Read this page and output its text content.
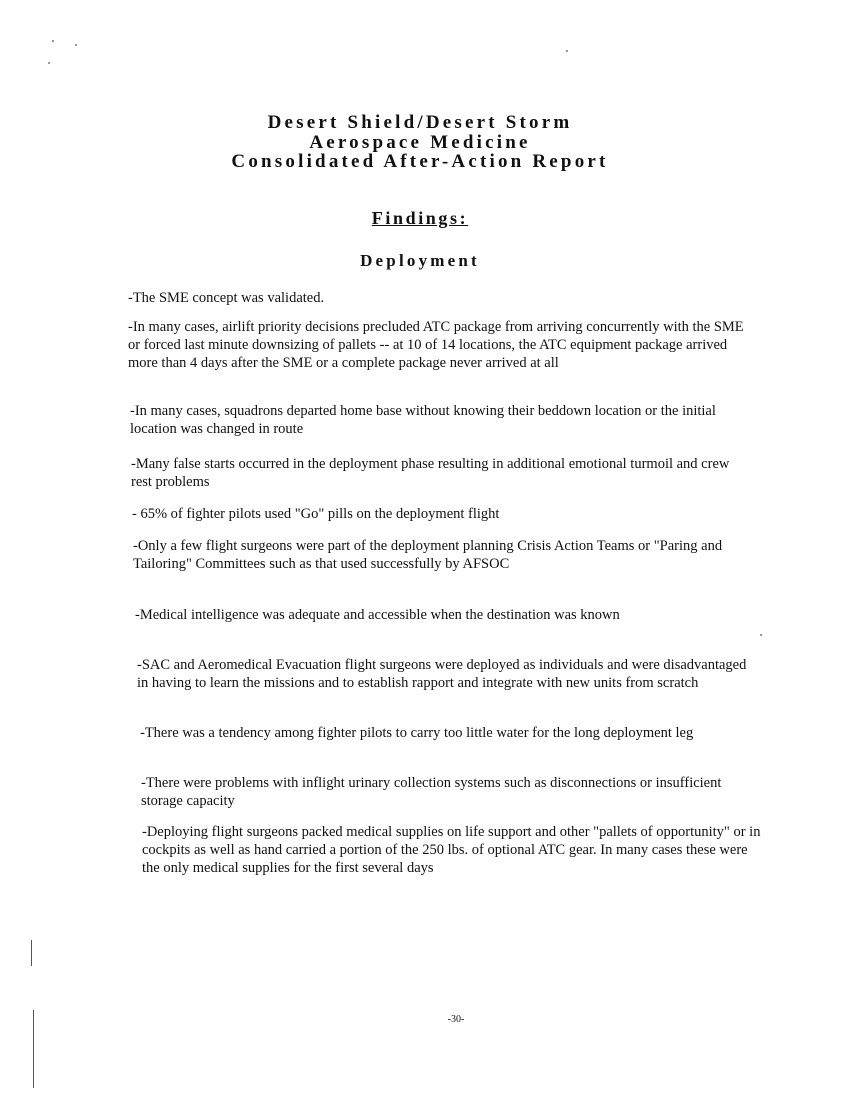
Desert Shield/Desert Storm
Aerospace Medicine
Consolidated After-Action Report
Findings:
Deployment

-The SME concept was validated.

-In many cases, airlift priority decisions precluded ATC package from arriving concurrently with the SME or forced last minute downsizing of pallets -- at 10 of 14 locations, the ATC equipment package arrived more than 4 days after the SME or a complete package never arrived at all

-In many cases, squadrons departed home base without knowing their beddown location or the initial location was changed in route

-Many false starts occurred in the deployment phase resulting in additional emotional turmoil and crew rest problems

- 65% of fighter pilots used "Go" pills on the deployment flight

-Only a few flight surgeons were part of the deployment planning Crisis Action Teams or "Paring and Tailoring" Committees such as that used successfully by AFSOC

-Medical intelligence was adequate and accessible when the destination was known

-SAC and Aeromedical Evacuation flight surgeons were deployed as individuals and were disadvantaged in having to learn the missions and to establish rapport and integrate with new units from scratch

-There was a tendency among fighter pilots to carry too little water for the long deployment leg

-There were problems with inflight urinary collection systems such as disconnections or insufficient storage capacity

-Deploying flight surgeons packed medical supplies on life support and other "pallets of opportunity" or in cockpits as well as hand carried a portion of the 250 lbs. of optional ATC gear. In many cases these were the only medical supplies for the first several days

-30-
